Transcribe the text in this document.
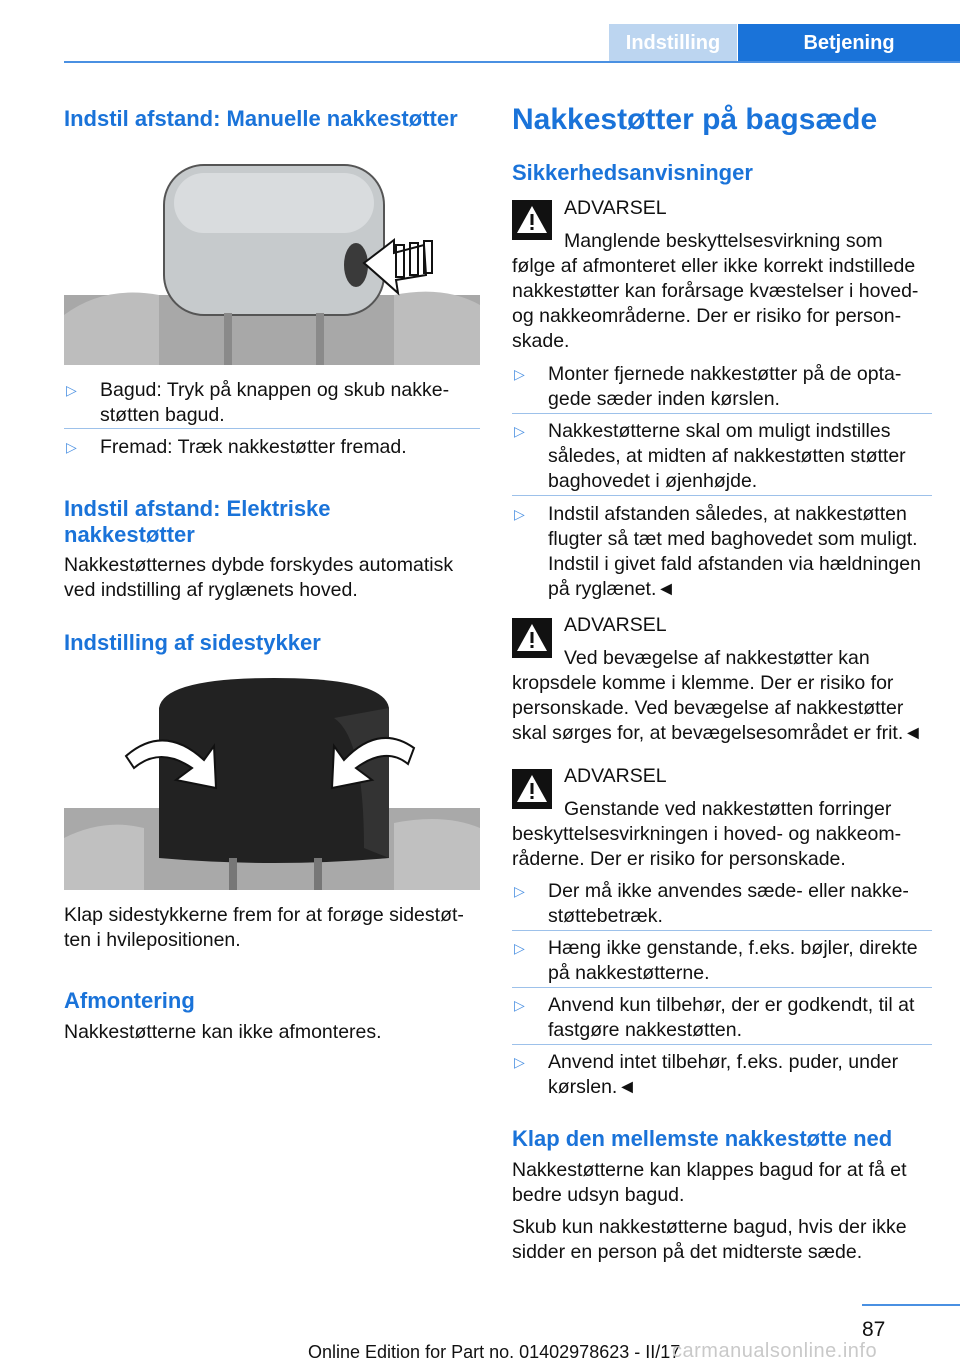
Indstilling	Betjening
Indstil afstand: Manuelle nakkestøtter
▷	Bagud: Tryk på knappen og skub nakke-
støtten bagud.
▷	Fremad: Træk nakkestøtter fremad.
Indstil afstand: Elektriske
nakkestøtter
Nakkestøtternes dybde forskydes automatisk
ved indstilling af ryglænets hoved.
Indstilling af sidestykker
Klap sidestykkerne frem for at forøge sidestøt-
ten i hvilepositionen.
Afmontering
Nakkestøtterne kan ikke afmonteres.
Nakkestøtter på bagsæde
Sikkerhedsanvisninger
ADVARSEL
Manglende beskyttelsesvirkning som
følge af afmonteret eller ikke korrekt indstillede
nakkestøtter kan forårsage kvæstelser i hoved-
og nakkeområderne. Der er risiko for person-
skade.
▷	Monter fjernede nakkestøtter på de opta-
gede sæder inden kørslen.
▷	Nakkestøtterne skal om muligt indstilles
således, at midten af nakkestøtten støtter
baghovedet i øjenhøjde.
▷	Indstil afstanden således, at nakkestøtten
flugter så tæt med baghovedet som muligt.
Indstil i givet fald afstanden via hældningen
på ryglænet.◄
ADVARSEL
Ved bevægelse af nakkestøtter kan
kropsdele komme i klemme. Der er risiko for
personskade. Ved bevægelse af nakkestøtter
skal sørges for, at bevægelsesområdet er frit.◄
ADVARSEL
Genstande ved nakkestøtten forringer
beskyttelsesvirkningen i hoved- og nakkeom-
råderne. Der er risiko for personskade.
▷	Der må ikke anvendes sæde- eller nakke-
støttebetræk.
▷	Hæng ikke genstande, f.eks. bøjler, direkte
på nakkestøtterne.
▷	Anvend kun tilbehør, der er godkendt, til at
fastgøre nakkestøtten.
▷	Anvend intet tilbehør, f.eks. puder, under
kørslen.◄
Klap den mellemste nakkestøtte ned
Nakkestøtterne kan klappes bagud for at få et
bedre udsyn bagud.
Skub kun nakkestøtterne bagud, hvis der ikke
sidder en person på det midterste sæde.
87
Online Edition for Part no. 01402978623 - II/17
carmanualsonline.info
